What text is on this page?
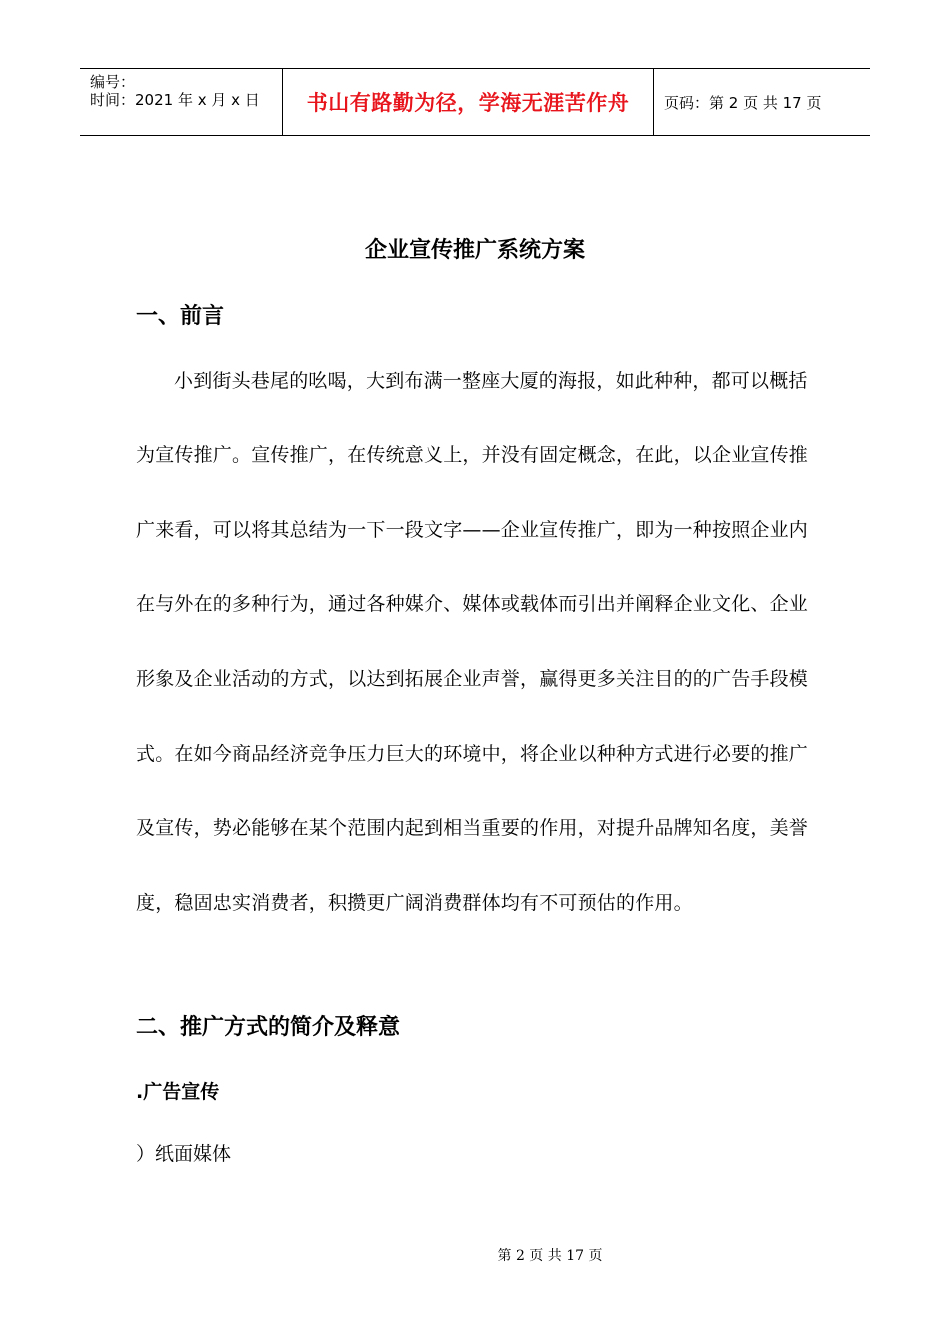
编号：
时间：2021 年 x 月 x 日 书山有路勤为径，学海无涯苦作舟 页码：第 2 页 共 17 页
企业宣传推广系统方案
一、前言
小到街头巷尾的吆喝，大到布满一整座大厦的海报，如此种种，都可以概括
为宣传推广。宣传推广，在传统意义上，并没有固定概念，在此，以企业宣传推
广来看，可以将其总结为一下一段文字——企业宣传推广，即为一种按照企业内
在与外在的多种行为，通过各种媒介、媒体或载体而引出并阐释企业文化、企业
形象及企业活动的方式，以达到拓展企业声誉，赢得更多关注目的的广告手段模
式。在如今商品经济竞争压力巨大的环境中，将企业以种种方式进行必要的推广
及宣传，势必能够在某个范围内起到相当重要的作用，对提升品牌知名度，美誉
度，稳固忠实消费者，积攒更广阔消费群体均有不可预估的作用。
二、推广方式的简介及释意
.广告宣传
）纸面媒体
第 2 页 共 17 页
